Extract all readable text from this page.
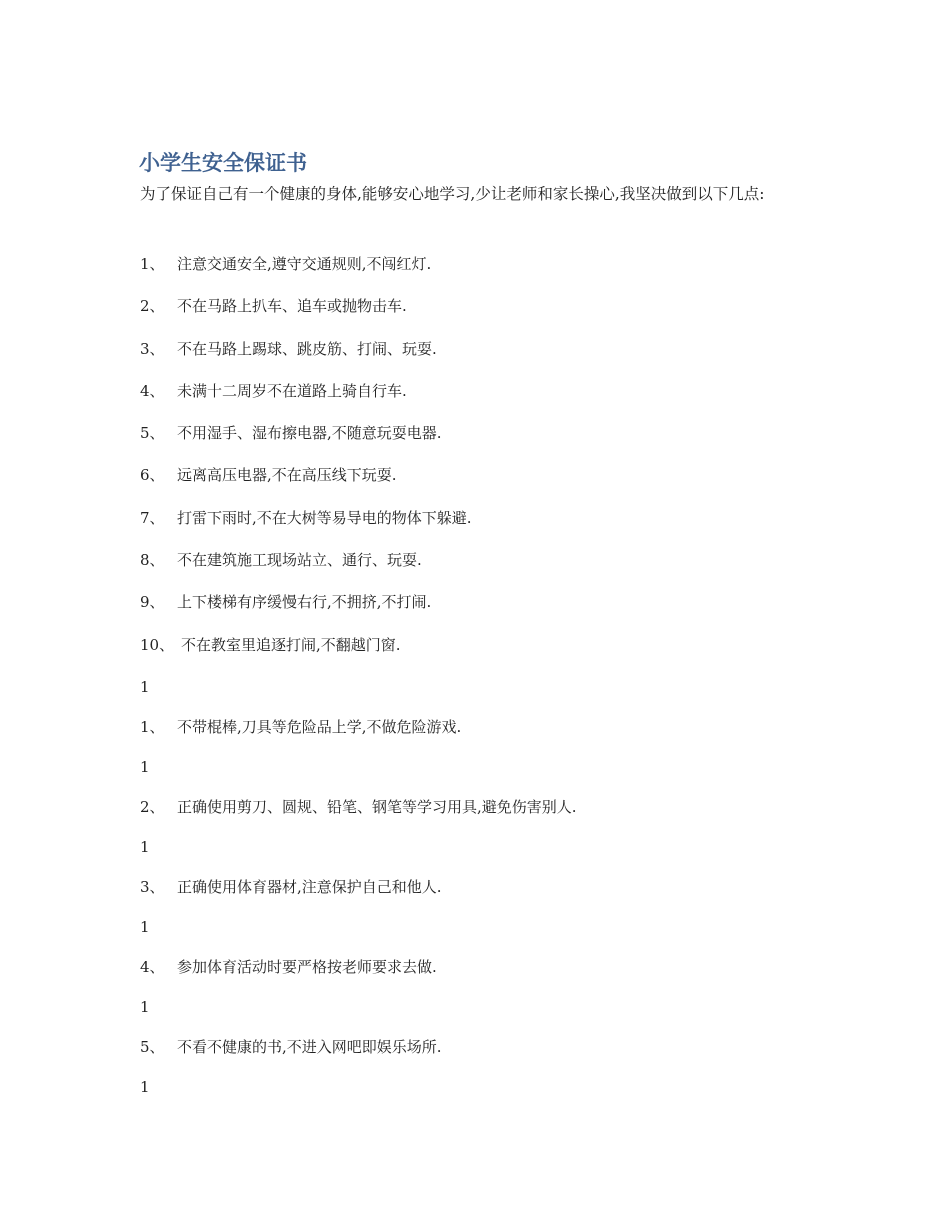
小学生安全保证书

为了保证自己有一个健康的身体,能够安心地学习,少让老师和家长操心,我坚决做到以下几点:

1、 注意交通安全,遵守交通规则,不闯红灯.
2、 不在马路上扒车、追车或抛物击车.
3、 不在马路上踢球、跳皮筋、打闹、玩耍.
4、 未满十二周岁不在道路上骑自行车.
5、 不用湿手、湿布擦电器,不随意玩耍电器.
6、 远离高压电器,不在高压线下玩耍.
7、 打雷下雨时,不在大树等易导电的物体下躲避.
8、 不在建筑施工现场站立、通行、玩耍.
9、 上下楼梯有序缓慢右行,不拥挤,不打闹.
10、 不在教室里追逐打闹,不翻越门窗.
1
1、 不带棍棒,刀具等危险品上学,不做危险游戏.
1
2、 正确使用剪刀、圆规、铅笔、钢笔等学习用具,避免伤害别人.
1
3、 正确使用体育器材,注意保护自己和他人.
1
4、 参加体育活动时要严格按老师要求去做.
1
5、 不看不健康的书,不进入网吧即娱乐场所.
1
